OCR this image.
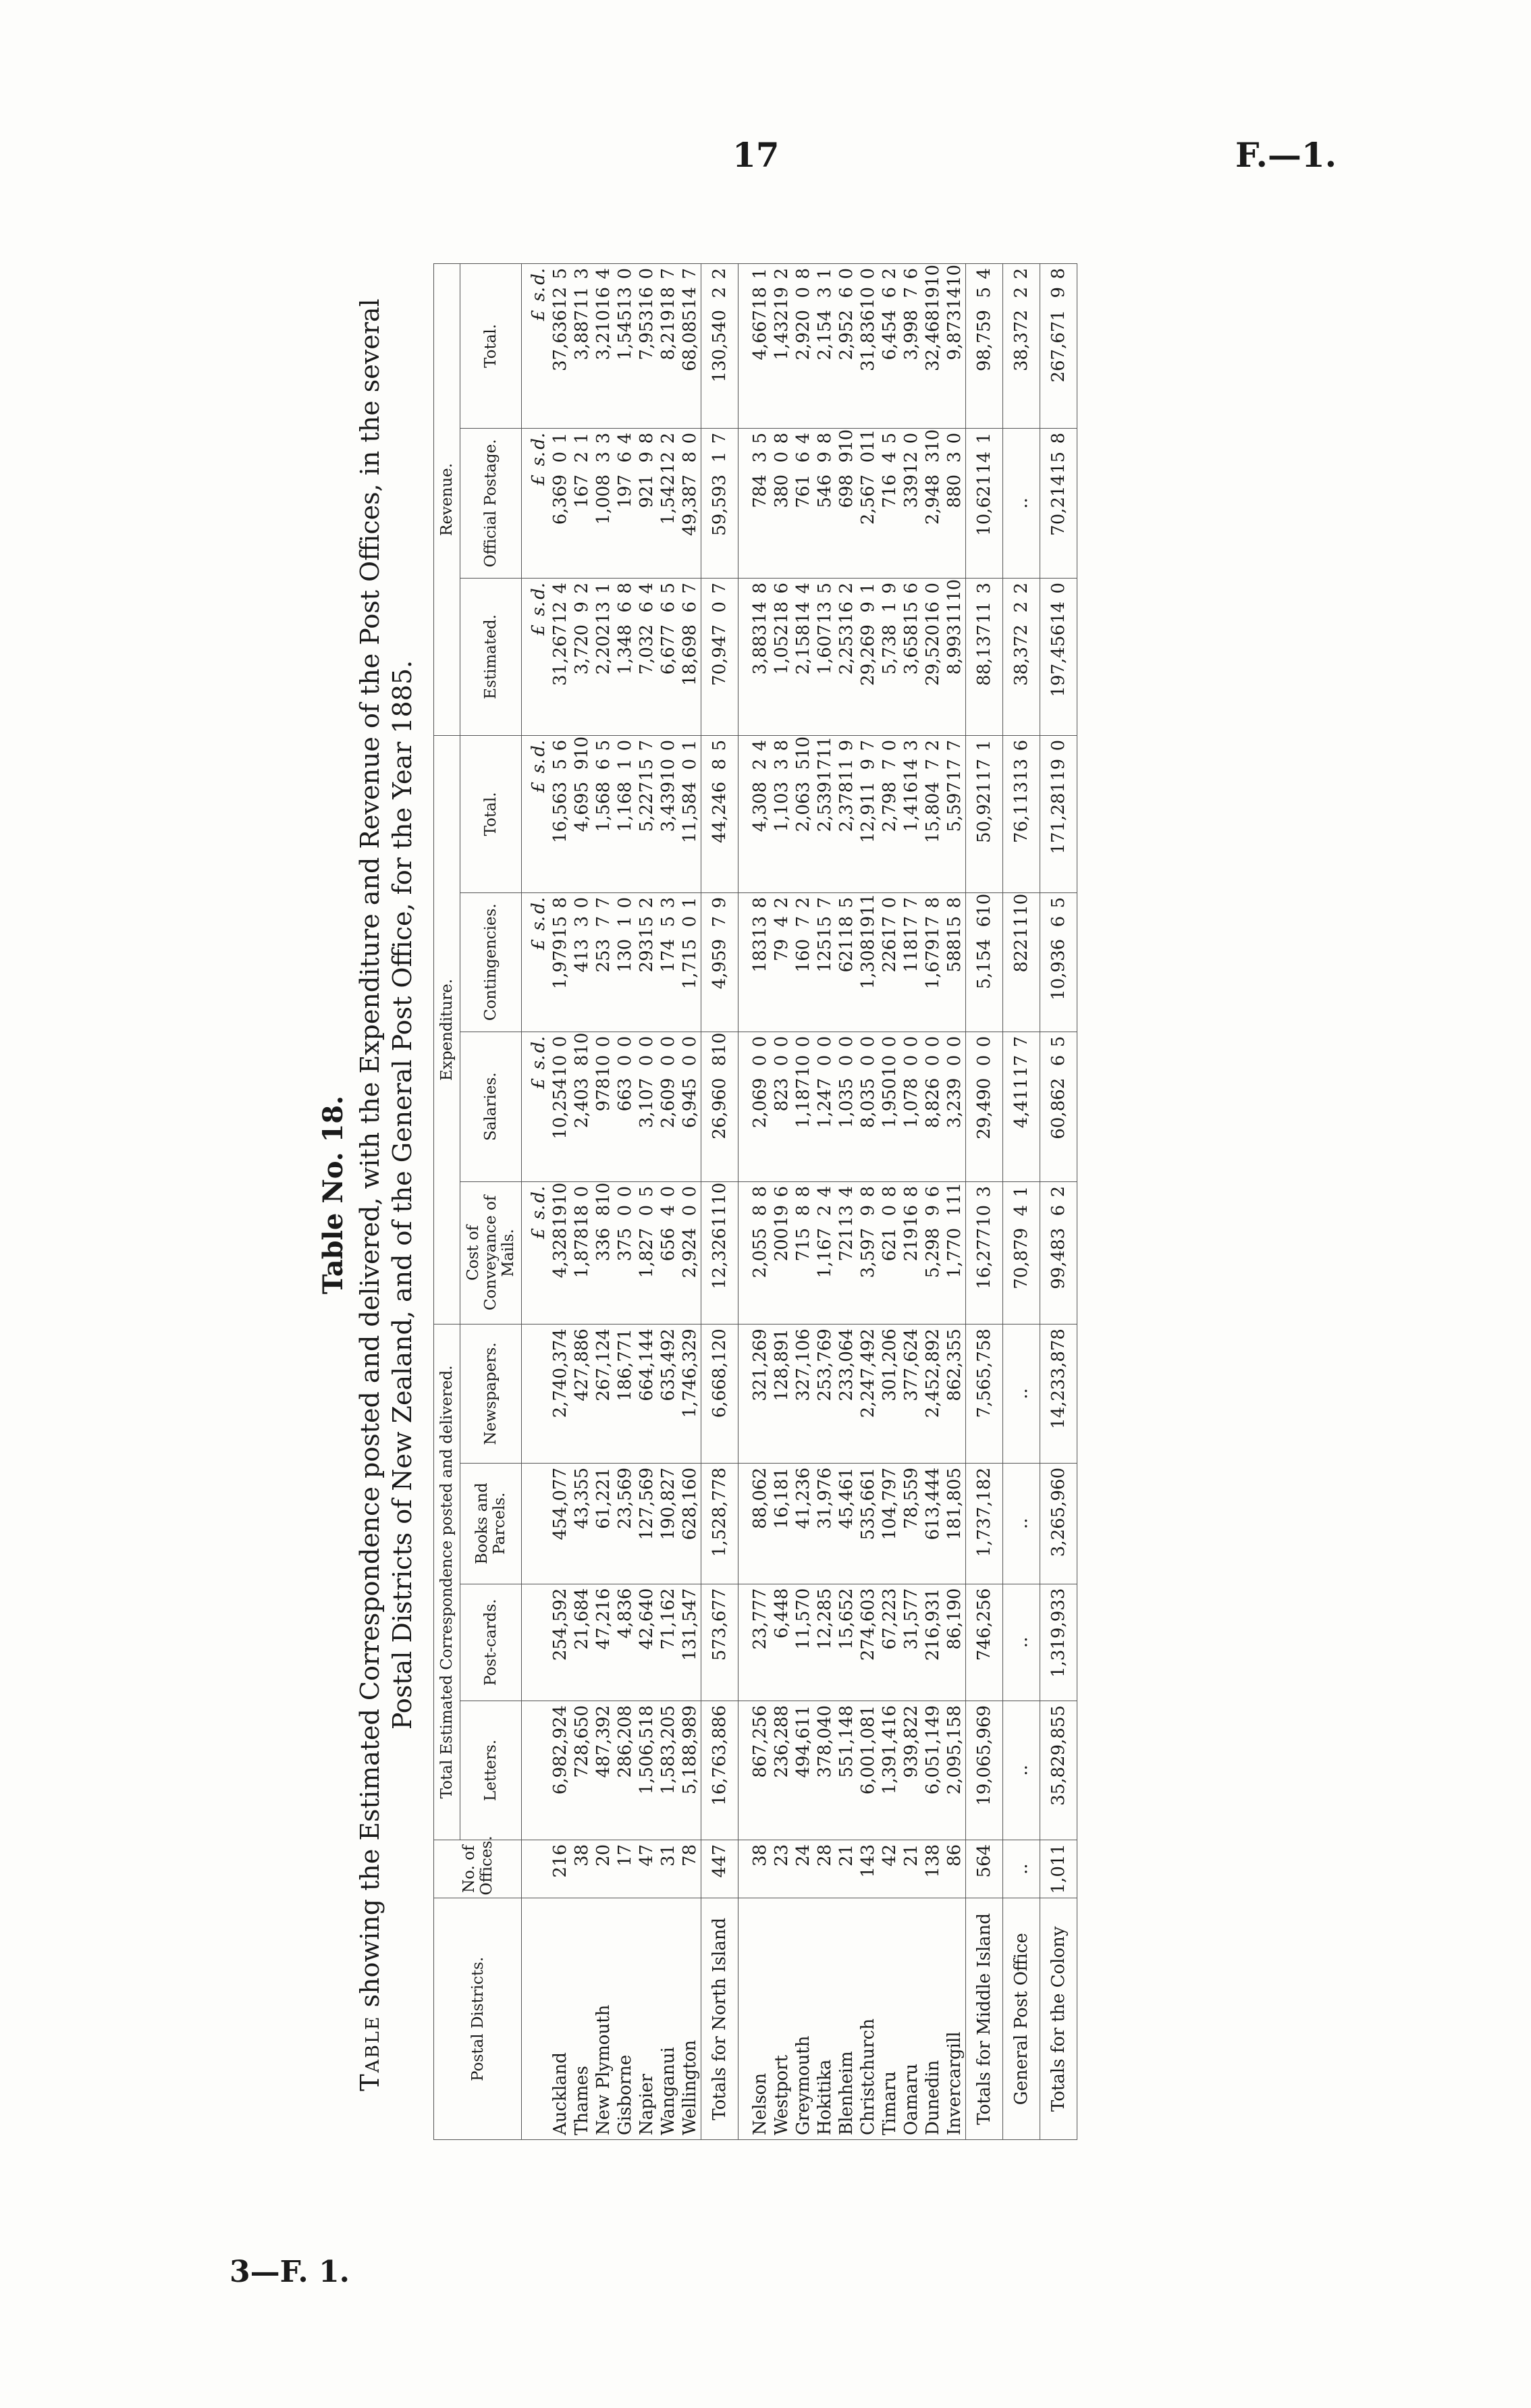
17	F.—1.
3—F. 1.
Table No. 18.
Table showing the Estimated Correspondence posted and delivered, with the Expenditure and Revenue of the Post Offices, in the several Postal Districts of New Zealand, and of the General Post Office, for the Year 1885.
Postal Districts.	No. of Offices.	Total Estimated Correspondence posted and delivered.				Expenditure.				Revenue.		
		Letters.	Post-cards.	Books and Parcels.	Newspapers.	Cost of Conveyance of Mails.	Salaries.	Contingencies.	Total.	Estimated.	Official Postage.	Total.
						£s.d.	£s.d.	£s.d.	£s.d.	£s.d.	£s.d.	£s.d.
Auckland	216	6,982,924	254,592	454,077	2,740,374	4,3281910	10,254100	1,979158	16,56356	31,267124	6,36901	37,636125
Thames	38	728,650	21,684	43,355	427,886	1,878180	2,403810	41330	4,695910	3,72092	16721	3,887113
New Plymouth	20	487,392	47,216	61,221	267,124	336810	978100	25377	1,56865	2,202131	1,00833	3,210164
Gisborne	17	286,208	4,836	23,569	186,771	37500	66300	13010	1,16810	1,34868	19764	1,545130
Napier	47	1,506,518	42,640	127,569	664,144	1,82705	3,10700	293152	5,227157	7,03264	92198	7,953160
Wanganui	31	1,583,205	71,162	190,827	635,492	65640	2,60900	17453	3,439100	6,67765	1,542122	8,219187
Wellington	78	5,188,989	131,547	628,160	1,746,329	2,92400	6,94500	1,71501	11,58401	18,69867	49,38780	68,085147
Totals for North Island	447	16,763,886	573,677	1,528,778	6,668,120	12,3261110	26,960810	4,95979	44,24685	70,94707	59,59317	130,54022

Nelson	38	867,256	23,777	88,062	321,269	2,05588	2,06900	183138	4,30824	3,883148	78435	4,667181
Westport	23	236,288	6,448	16,181	128,891	200196	82300	7942	1,10338	1,052186	38008	1,432192
Greymouth	24	494,611	11,570	41,236	327,106	71588	1,187100	16072	2,063510	2,158144	76164	2,92008
Hokitika	28	378,040	12,285	31,976	253,769	1,16724	1,24700	125157	2,5391711	1,607135	54698	2,15431
Blenheim	21	551,148	15,652	45,461	233,064	721134	1,03500	621185	2,378119	2,253162	698910	2,95260
Christchurch	143	6,001,081	274,603	535,661	2,247,492	3,59798	8,03500	1,3081911	12,91197	29,26991	2,567011	31,836100
Timaru	42	1,391,416	67,223	104,797	301,206	62108	1,950100	226170	2,79870	5,73819	71645	6,45462
Oamaru	21	939,822	31,577	78,559	377,624	219168	1,07800	118177	1,416143	3,658156	339120	3,99876
Dunedin	138	6,051,149	216,931	613,444	2,452,892	5,29896	8,82600	1,679178	15,80472	29,520160	2,948310	32,4681910
Invercargill	86	2,095,158	86,190	181,805	862,355	1,770111	3,23900	588158	5,597177	8,9931110	88030	9,8731410
Totals for Middle Island	564	19,065,969	746,256	1,737,182	7,565,758	16,277103	29,49000	5,154610	50,921171	88,137113	10,621141	98,75954
General Post Office	..	..	..	..	..	70,87941	4,411177	8221110	76,113136	38,37222	..	38,37222
Totals for the Colony	1,011	35,829,855	1,319,933	3,265,960	14,233,878	99,48362	60,86265	10,93665	171,281190	197,456140	70,214158	267,67198
